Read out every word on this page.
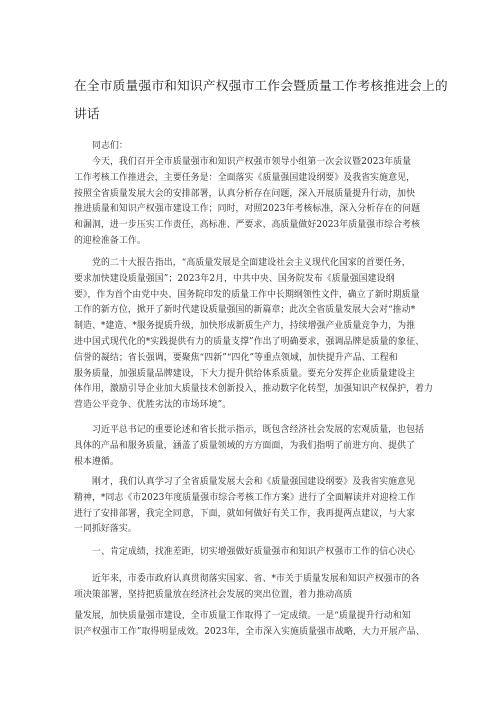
在全市质量强市和知识产权强市工作会暨质量工作考核推进会上的
讲话
同志们：
今天，我们召开全市质量强市和知识产权强市领导小组第一次会议暨2023年质量
工作考核工作推进会，主要任务是：全面落实《质量强国建设纲要》及我省实施意见，
按照全省质量发展大会的安排部署，认真分析存在问题，深入开展质量提升行动，加快
推进质量和知识产权强市建设工作；同时，对照2023年考核标准，深入分析存在的问题
和漏洞，进一步压实工作责任，高标准、严要求、高质量做好2023年质量强市综合考核
的迎检准备工作。
党的二十大报告指出，“高质量发展是全面建设社会主义现代化国家的首要任务，
要求加快建设质量强国”；2023年2月，中共中央、国务院发布《质量强国建设纲
要》，作为首个由党中央、国务院印发的质量工作中长期纲领性文件，确立了新时期质量
工作的新方位，掀开了新时代建设质量强国的新篇章；此次全省质量发展大会对“推动*
制造、*建造、*服务提质升级，加快形成新质生产力，持续增强产业质量竞争力，为推
进中国式现代化的*实践提供有力的质量支撑”作出了明确要求，强调品牌是质量的象征、
信誉的凝结；省长强调，要聚焦“四新”“四化”等重点领域，加快提升产品、工程和
服务质量，加强质量品牌建设，下大力提升供给体系质量。要充分发挥企业质量建设主
体作用，激励引导企业加大质量技术创新投入，推动数字化转型，加强知识产权保护，着力
营造公平竞争、优胜劣汰的市场环境”。
习近平总书记的重要论述和省长批示指示，既包含经济社会发展的宏观质量，也包括
具体的产品和服务质量，涵盖了质量领域的方方面面，为我们指明了前进方向、提供了
根本遵循。
刚才，我们认真学习了全省质量发展大会和《质量强国建设纲要》及我省实施意见
精神，*同志《市2023年度质量强市综合考核工作方案》进行了全面解读并对迎检工作
进行了安排部署，我完全同意，下面，就如何做好有关工作，我再提两点建议，与大家
一同抓好落实。
一、肯定成绩，找准差距，切实增强做好质量强市和知识产权强市工作的信心决心
近年来，市委市政府认真贯彻落实国家、省、*市关于质量发展和知识产权强市的各
项决策部署，坚持把质量放在经济社会发展的突出位置，着力推动高质
量发展，加快质量强市建设，全市质量工作取得了一定成绩。一是“质量提升行动和知
识产权强市工作”取得明显成效。2023年，全市深入实施质量强市战略，大力开展产品、
